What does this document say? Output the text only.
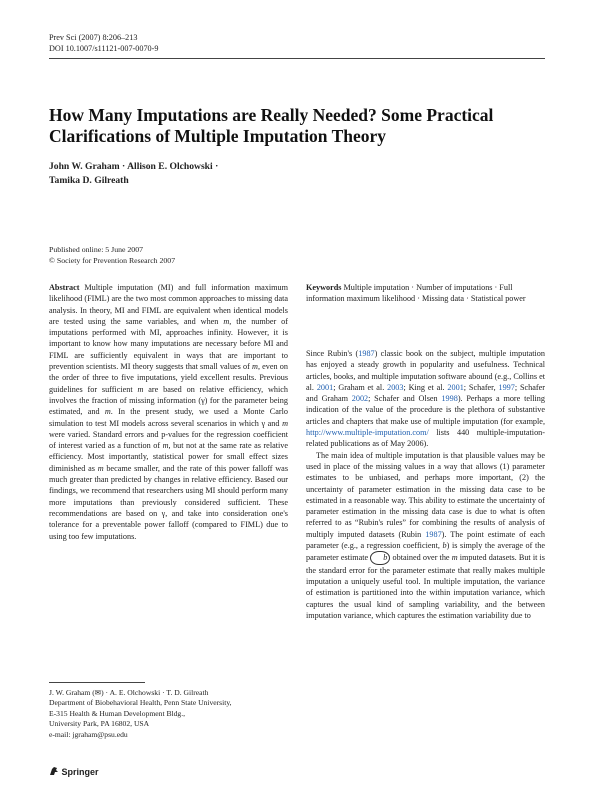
Prev Sci (2007) 8:206–213
DOI 10.1007/s11121-007-0070-9
How Many Imputations are Really Needed? Some Practical Clarifications of Multiple Imputation Theory
John W. Graham · Allison E. Olchowski ·
Tamika D. Gilreath
Published online: 5 June 2007
© Society for Prevention Research 2007

Abstract Multiple imputation (MI) and full information maximum likelihood (FIML) are the two most common approaches to missing data analysis. In theory, MI and FIML are equivalent when identical models are tested using the same variables, and when m, the number of imputations performed with MI, approaches infinity. However, it is important to know how many imputations are necessary before MI and FIML are sufficiently equivalent in ways that are important to prevention scientists. MI theory suggests that small values of m, even on the order of three to five imputations, yield excellent results. Previous guidelines for sufficient m are based on relative efficiency, which involves the fraction of missing information (γ) for the parameter being estimated, and m. In the present study, we used a Monte Carlo simulation to test MI models across several scenarios in which γ and m were varied. Standard errors and p-values for the regression coefficient of interest varied as a function of m, but not at the same rate as relative efficiency. Most importantly, statistical power for small effect sizes diminished as m became smaller, and the rate of this power falloff was much greater than predicted by changes in relative efficiency. Based our findings, we recommend that researchers using MI should perform many more imputations than previously considered sufficient. These recommendations are based on γ, and take into consideration one's tolerance for a preventable power falloff (compared to FIML) due to using too few imputations.

Keywords Multiple imputation · Number of imputations · Full information maximum likelihood · Missing data · Statistical power

Since Rubin's (1987) classic book on the subject, multiple imputation has enjoyed a steady growth in popularity and usefulness. Technical articles, books, and multiple imputation software abound (e.g., Collins et al. 2001; Graham et al. 2003; King et al. 2001; Schafer, 1997; Schafer and Graham 2002; Schafer and Olsen 1998). Perhaps a more telling indication of the value of the procedure is the plethora of substantive articles and chapters that make use of multiple imputation (for example, http://www.multiple-imputation.com/ lists 440 multiple-imputation-related publications as of May 2006).

The main idea of multiple imputation is that plausible values may be used in place of the missing values in a way that allows (1) parameter estimates to be unbiased, and perhaps more important, (2) the uncertainty of parameter estimation in the missing data case to be estimated in a reasonable way. This ability to estimate the uncertainty of parameter estimation in the missing data case is due to what is often referred to as “Rubin's rules” for combining the results of analysis of multiply imputed datasets (Rubin 1987). The point estimate of each parameter (e.g., a regression coefficient, b) is simply the average of the parameter estimate b obtained over the m imputed datasets. But it is the standard error for the parameter estimate that really makes multiple imputation a uniquely useful tool. In multiple imputation, the variance of estimation is partitioned into the within imputation variance, which captures the usual kind of sampling variability, and the between imputation variance, which captures the estimation variability due to

J. W. Graham (✉) · A. E. Olchowski · T. D. Gilreath
Department of Biobehavioral Health, Penn State University,
E-315 Health & Human Development Bldg.,
University Park, PA 16802, USA
e-mail: jgraham@psu.edu
Springer
